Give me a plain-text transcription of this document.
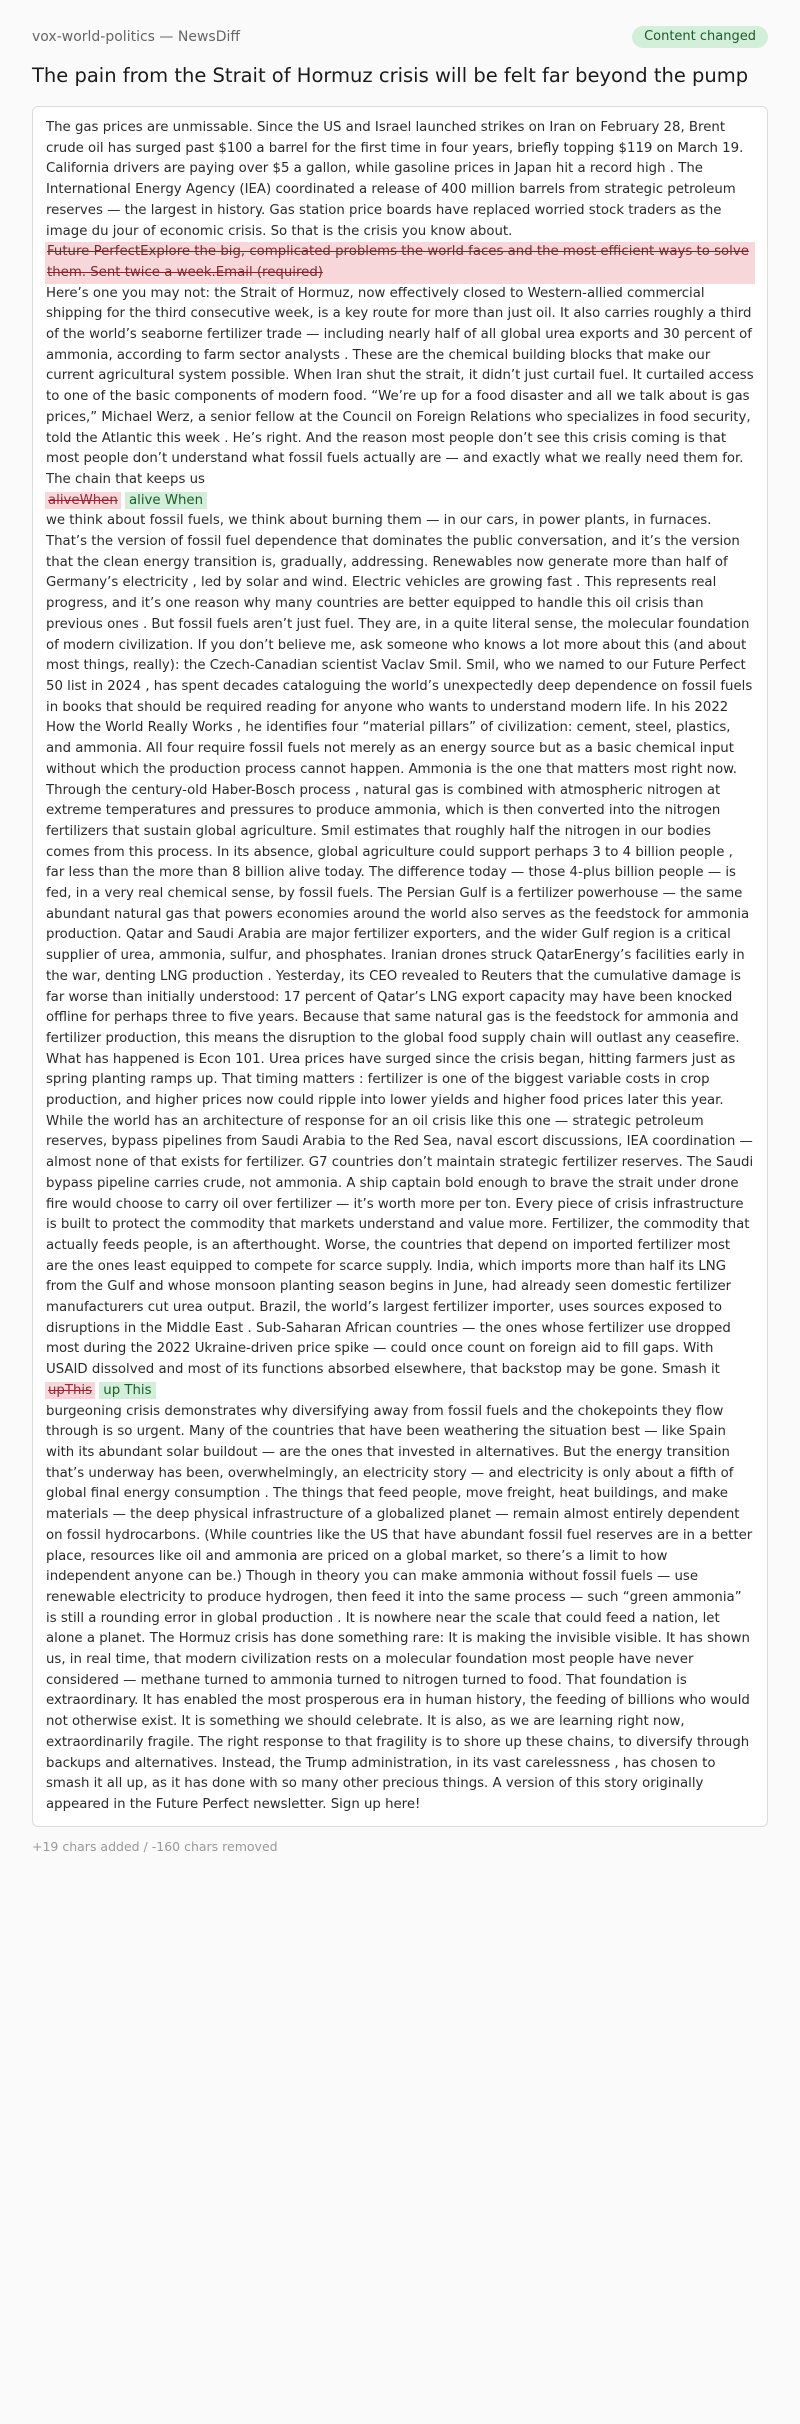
vox-world-politics — NewsDiff	Content changed
The pain from the Strait of Hormuz crisis will be felt far beyond the pump
The gas prices are unmissable. Since the US and Israel launched strikes on Iran on February 28, Brent crude oil has surged past $100 a barrel for the first time in four years, briefly topping $119 on March 19. California drivers are paying over $5 a gallon, while gasoline prices in Japan hit a record high . The International Energy Agency (IEA) coordinated a release of 400 million barrels from strategic petroleum reserves — the largest in history. Gas station price boards have replaced worried stock traders as the image du jour of economic crisis. So that is the crisis you know about.
Future PerfectExplore the big, complicated problems the world faces and the most efficient ways to solve them. Sent twice a week.Email (required)
Here’s one you may not: the Strait of Hormuz, now effectively closed to Western-allied commercial shipping for the third consecutive week, is a key route for more than just oil. It also carries roughly a third of the world’s seaborne fertilizer trade — including nearly half of all global urea exports and 30 percent of ammonia, according to farm sector analysts . These are the chemical building blocks that make our current agricultural system possible. When Iran shut the strait, it didn’t just curtail fuel. It curtailed access to one of the basic components of modern food. “We’re up for a food disaster and all we talk about is gas prices,” Michael Werz, a senior fellow at the Council on Foreign Relations who specializes in food security, told the Atlantic this week . He’s right. And the reason most people don’t see this crisis coming is that most people don’t understand what fossil fuels actually are — and exactly what we really need them for. The chain that keeps us
aliveWhen alive When
we think about fossil fuels, we think about burning them — in our cars, in power plants, in furnaces. That’s the version of fossil fuel dependence that dominates the public conversation, and it’s the version that the clean energy transition is, gradually, addressing. Renewables now generate more than half of Germany’s electricity , led by solar and wind. Electric vehicles are growing fast . This represents real progress, and it’s one reason why many countries are better equipped to handle this oil crisis than previous ones . But fossil fuels aren’t just fuel. They are, in a quite literal sense, the molecular foundation of modern civilization. If you don’t believe me, ask someone who knows a lot more about this (and about most things, really): the Czech-Canadian scientist Vaclav Smil. Smil, who we named to our Future Perfect 50 list in 2024 , has spent decades cataloguing the world’s unexpectedly deep dependence on fossil fuels in books that should be required reading for anyone who wants to understand modern life. In his 2022 How the World Really Works , he identifies four “material pillars” of civilization: cement, steel, plastics, and ammonia. All four require fossil fuels not merely as an energy source but as a basic chemical input without which the production process cannot happen. Ammonia is the one that matters most right now. Through the century-old Haber-Bosch process , natural gas is combined with atmospheric nitrogen at extreme temperatures and pressures to produce ammonia, which is then converted into the nitrogen fertilizers that sustain global agriculture. Smil estimates that roughly half the nitrogen in our bodies comes from this process. In its absence, global agriculture could support perhaps 3 to 4 billion people , far less than the more than 8 billion alive today. The difference today — those 4-plus billion people — is fed, in a very real chemical sense, by fossil fuels. The Persian Gulf is a fertilizer powerhouse — the same abundant natural gas that powers economies around the world also serves as the feedstock for ammonia production. Qatar and Saudi Arabia are major fertilizer exporters, and the wider Gulf region is a critical supplier of urea, ammonia, sulfur, and phosphates. Iranian drones struck QatarEnergy’s facilities early in the war, denting LNG production . Yesterday, its CEO revealed to Reuters that the cumulative damage is far worse than initially understood: 17 percent of Qatar’s LNG export capacity may have been knocked offline for perhaps three to five years. Because that same natural gas is the feedstock for ammonia and fertilizer production, this means the disruption to the global food supply chain will outlast any ceasefire. What has happened is Econ 101. Urea prices have surged since the crisis began, hitting farmers just as spring planting ramps up. That timing matters : fertilizer is one of the biggest variable costs in crop production, and higher prices now could ripple into lower yields and higher food prices later this year. While the world has an architecture of response for an oil crisis like this one — strategic petroleum reserves, bypass pipelines from Saudi Arabia to the Red Sea, naval escort discussions, IEA coordination — almost none of that exists for fertilizer. G7 countries don’t maintain strategic fertilizer reserves. The Saudi bypass pipeline carries crude, not ammonia. A ship captain bold enough to brave the strait under drone fire would choose to carry oil over fertilizer — it’s worth more per ton. Every piece of crisis infrastructure is built to protect the commodity that markets understand and value more. Fertilizer, the commodity that actually feeds people, is an afterthought. Worse, the countries that depend on imported fertilizer most are the ones least equipped to compete for scarce supply. India, which imports more than half its LNG from the Gulf and whose monsoon planting season begins in June, had already seen domestic fertilizer manufacturers cut urea output. Brazil, the world’s largest fertilizer importer, uses sources exposed to disruptions in the Middle East . Sub-Saharan African countries — the ones whose fertilizer use dropped most during the 2022 Ukraine-driven price spike — could once count on foreign aid to fill gaps. With USAID dissolved and most of its functions absorbed elsewhere, that backstop may be gone. Smash it
upThis up This
burgeoning crisis demonstrates why diversifying away from fossil fuels and the chokepoints they flow through is so urgent. Many of the countries that have been weathering the situation best — like Spain with its abundant solar buildout — are the ones that invested in alternatives. But the energy transition that’s underway has been, overwhelmingly, an electricity story — and electricity is only about a fifth of global final energy consumption . The things that feed people, move freight, heat buildings, and make materials — the deep physical infrastructure of a globalized planet — remain almost entirely dependent on fossil hydrocarbons. (While countries like the US that have abundant fossil fuel reserves are in a better place, resources like oil and ammonia are priced on a global market, so there’s a limit to how independent anyone can be.) Though in theory you can make ammonia without fossil fuels — use renewable electricity to produce hydrogen, then feed it into the same process — such “green ammonia” is still a rounding error in global production . It is nowhere near the scale that could feed a nation, let alone a planet. The Hormuz crisis has done something rare: It is making the invisible visible. It has shown us, in real time, that modern civilization rests on a molecular foundation most people have never considered — methane turned to ammonia turned to nitrogen turned to food. That foundation is extraordinary. It has enabled the most prosperous era in human history, the feeding of billions who would not otherwise exist. It is something we should celebrate. It is also, as we are learning right now, extraordinarily fragile. The right response to that fragility is to shore up these chains, to diversify through backups and alternatives. Instead, the Trump administration, in its vast carelessness , has chosen to smash it all up, as it has done with so many other precious things. A version of this story originally appeared in the Future Perfect newsletter. Sign up here!
+19 chars added / -160 chars removed
